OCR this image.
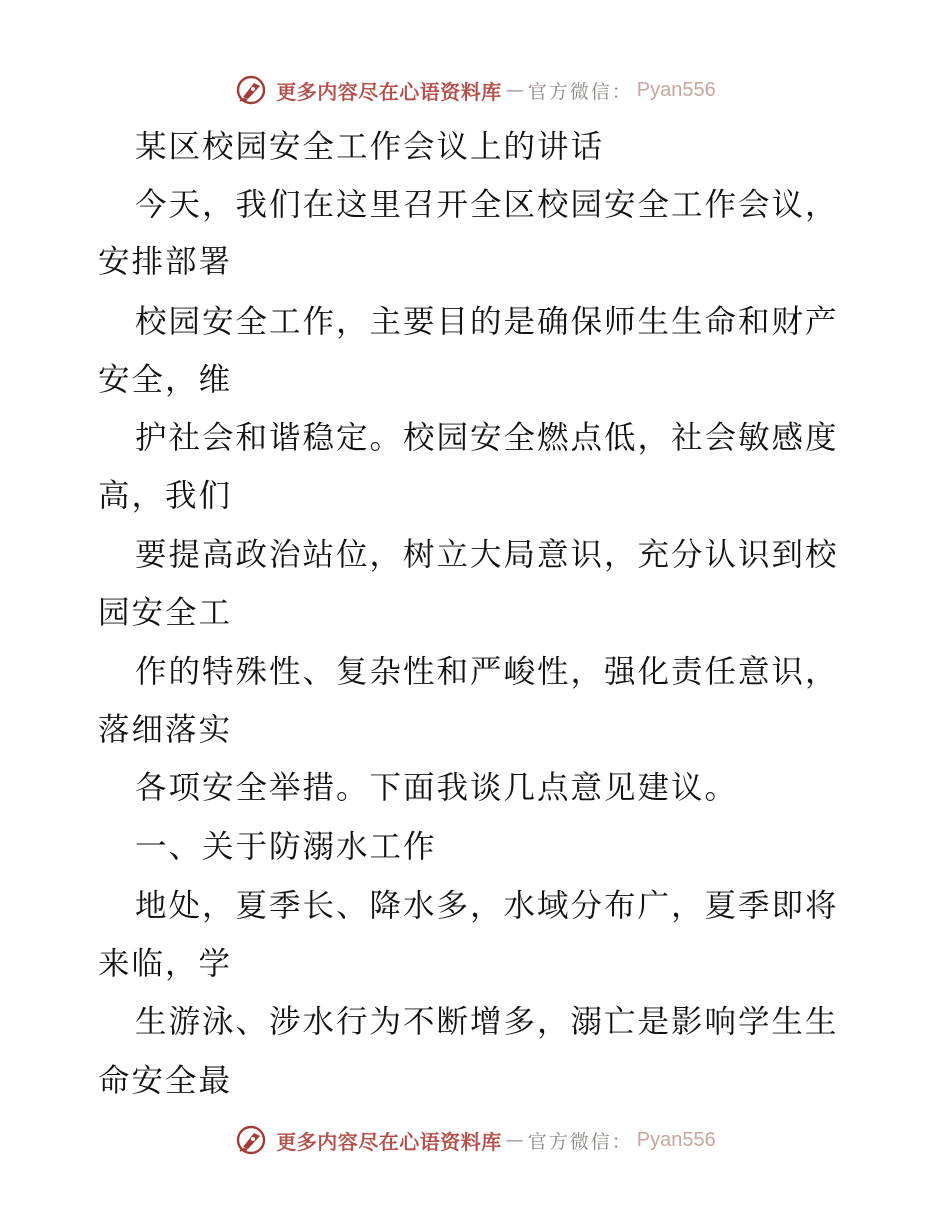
更多内容尽在心语资料库 — 官方微信： Pyan556
某区校园安全工作会议上的讲话
今天，我们在这里召开全区校园安全工作会议，
安排部署
校园安全工作，主要目的是确保师生生命和财产
安全，维
护社会和谐稳定。校园安全燃点低，社会敏感度
高，我们
要提高政治站位，树立大局意识，充分认识到校
园安全工
作的特殊性、复杂性和严峻性，强化责任意识，
落细落实
各项安全举措。下面我谈几点意见建议。
一、关于防溺水工作
地处，夏季长、降水多，水域分布广，夏季即将
来临，学
生游泳、涉水行为不断增多，溺亡是影响学生生
命安全最
更多内容尽在心语资料库 — 官方微信： Pyan556
